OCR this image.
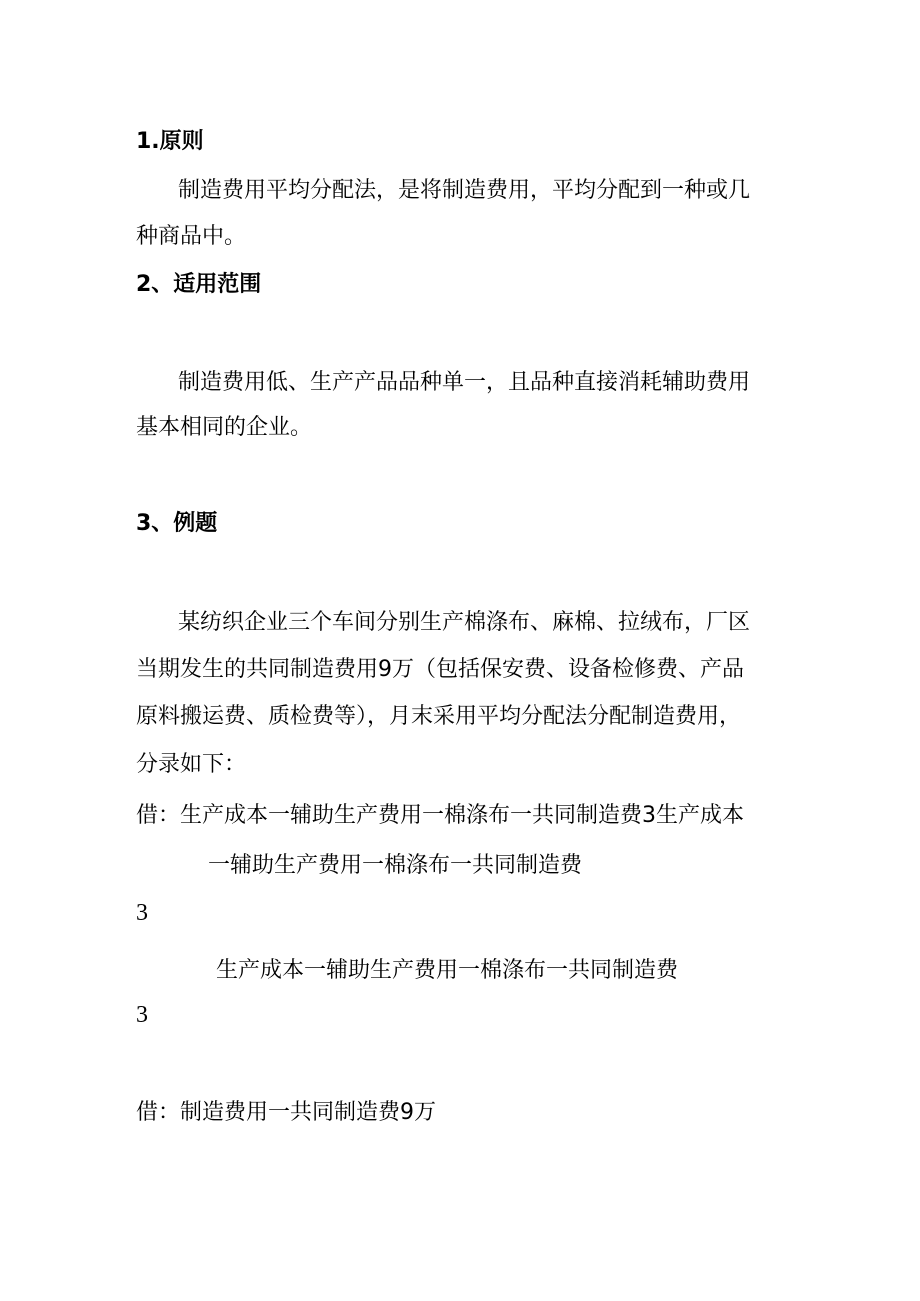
1.原则
制造费用平均分配法，是将制造费用，平均分配到一种或几
种商品中。
2、适用范围
制造费用低、生产产品品种单一，且品种直接消耗辅助费用
基本相同的企业。
3、例题
某纺织企业三个车间分别生产棉涤布、麻棉、拉绒布，厂区
当期发生的共同制造费用9万（包括保安费、设备检修费、产品
原料搬运费、质检费等），月末采用平均分配法分配制造费用，
分录如下：
借：生产成本一辅助生产费用一棉涤布一共同制造费3生产成本
一辅助生产费用一棉涤布一共同制造费
3
生产成本一辅助生产费用一棉涤布一共同制造费
3
借：制造费用一共同制造费9万
